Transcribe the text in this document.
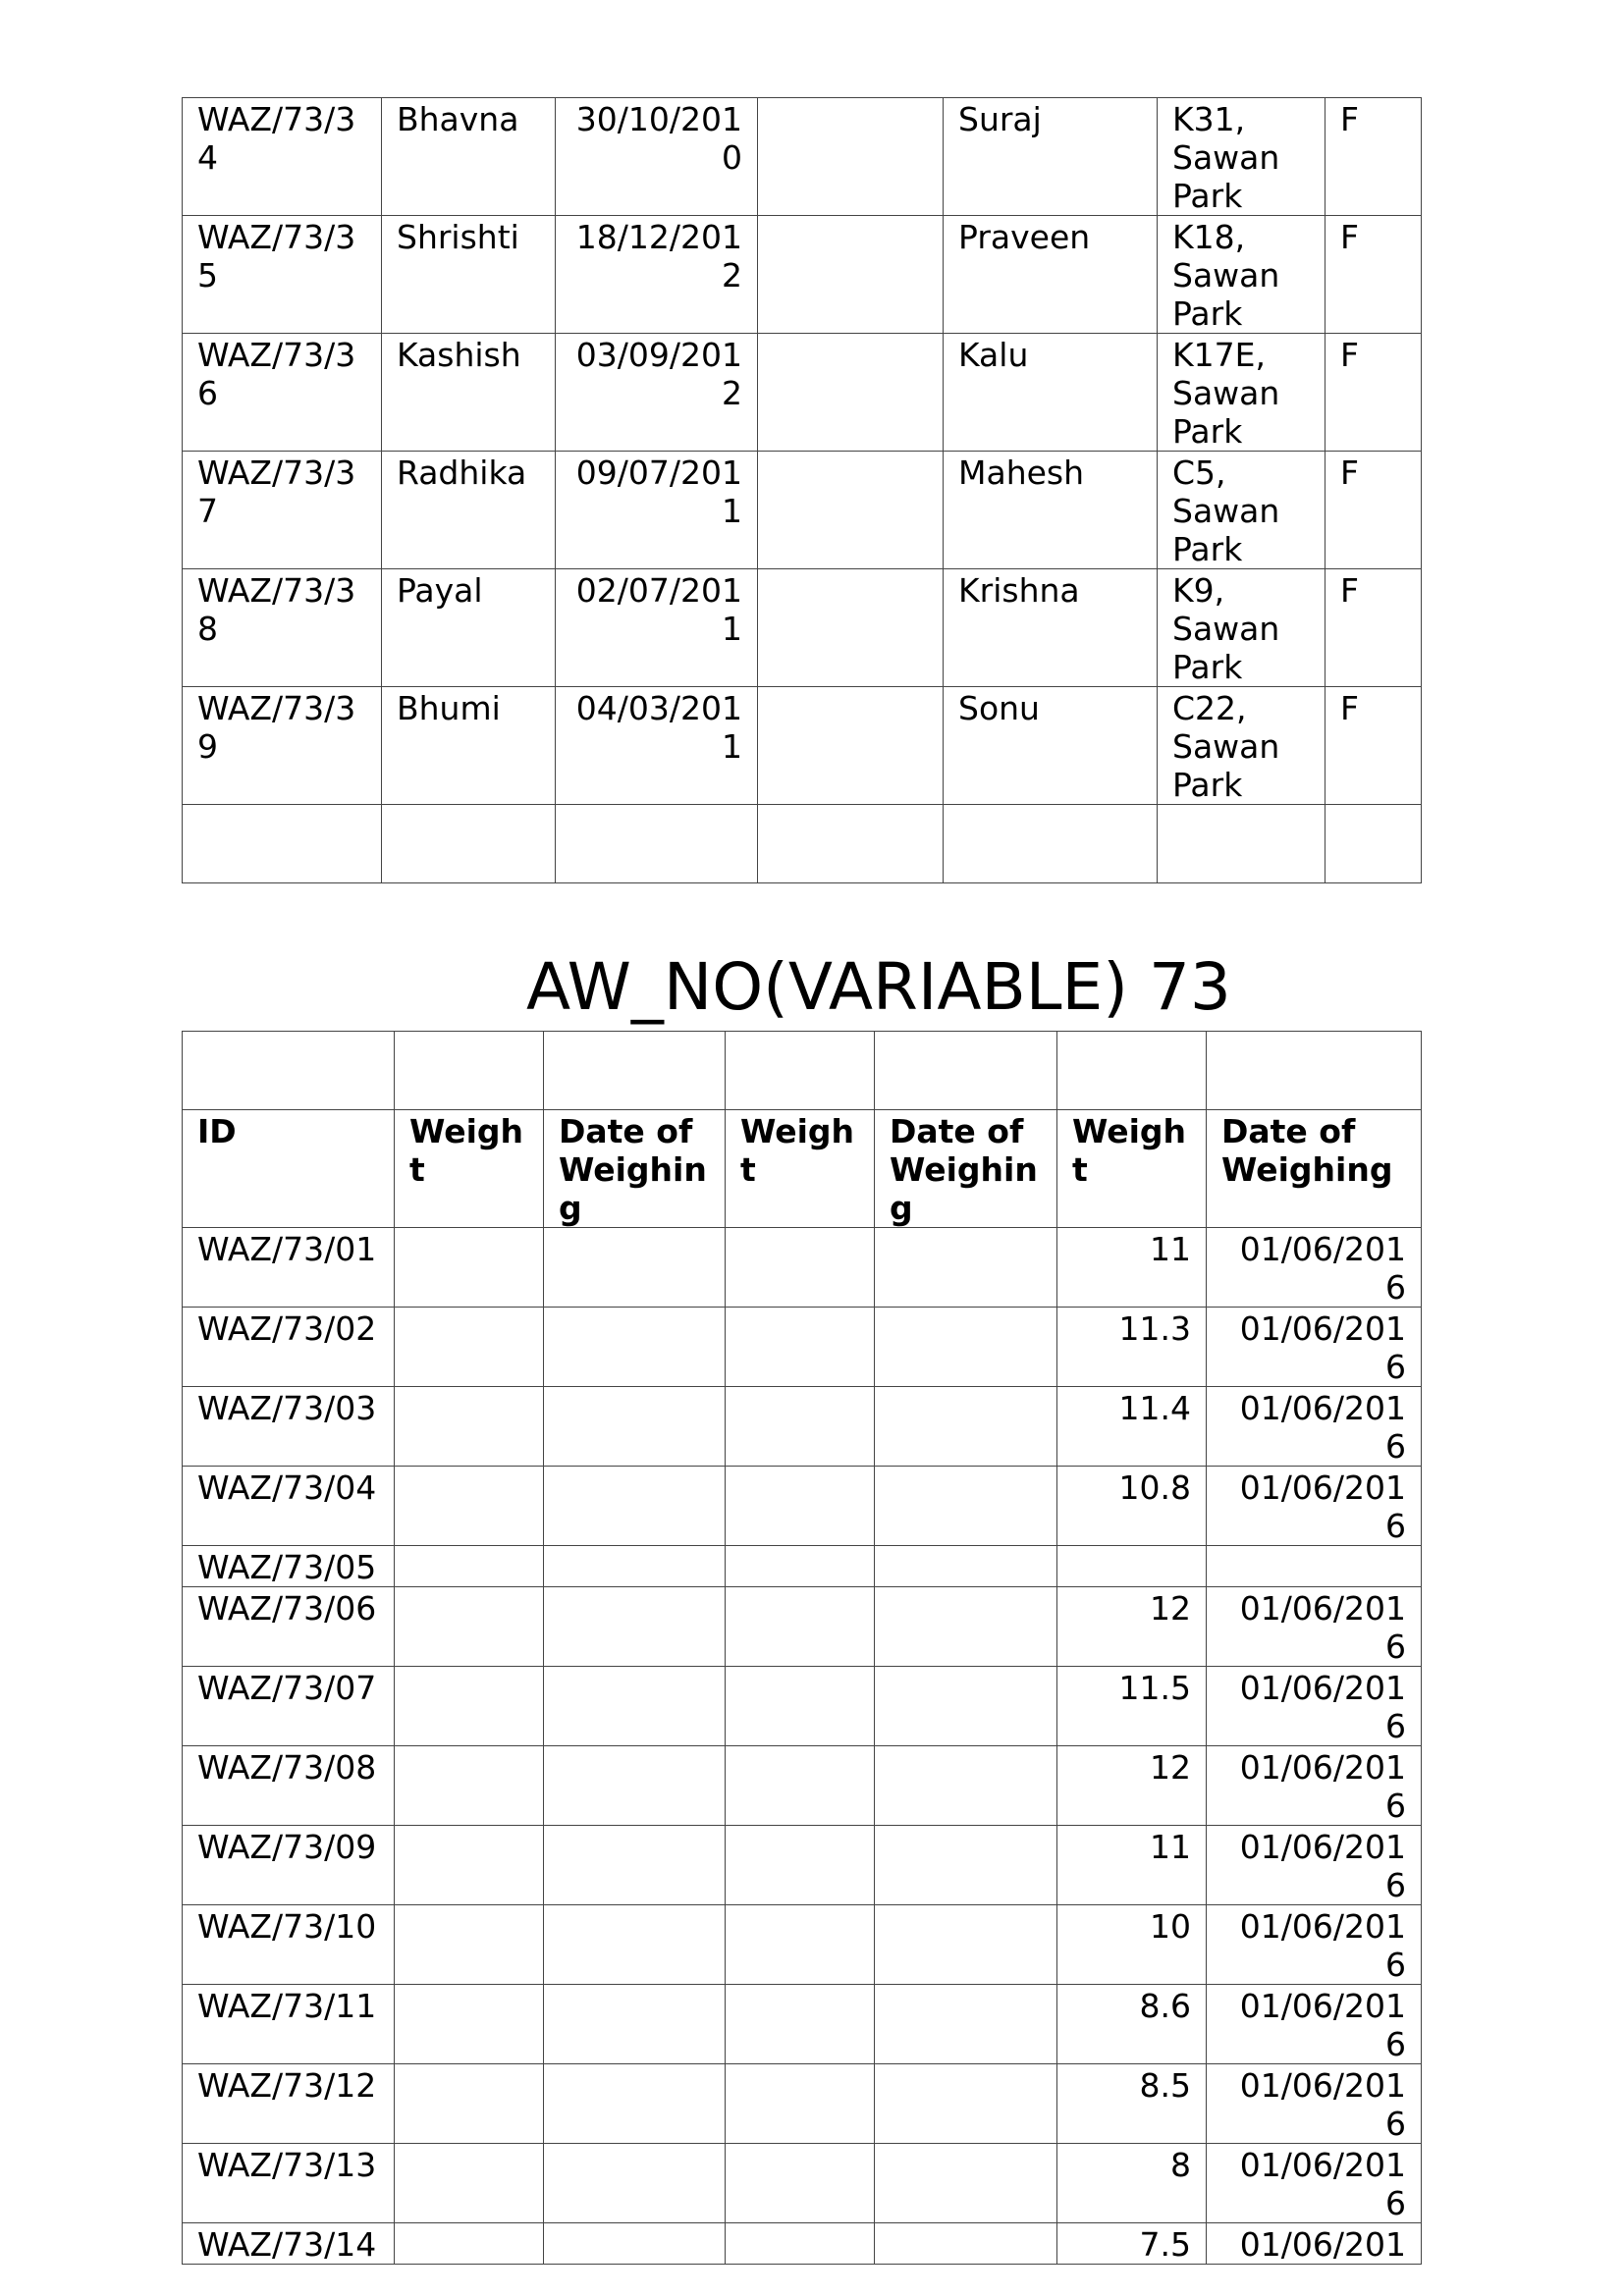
WAZ/73/34	Bhavna	30/10/2010		Suraj	K31, Sawan Park	F
WAZ/73/35	Shrishti	18/12/2012		Praveen	K18, Sawan Park	F
WAZ/73/36	Kashish	03/09/2012		Kalu	K17E, Sawan Park	F
WAZ/73/37	Radhika	09/07/2011		Mahesh	C5, Sawan Park	F
WAZ/73/38	Payal	02/07/2011		Krishna	K9, Sawan Park	F
WAZ/73/39	Bhumi	04/03/2011		Sonu	C22, Sawan Park	F

AW_NO(VARIABLE) 73

ID	Weight	Date of Weighing	Weight	Date of Weighing	Weight	Date of Weighing
WAZ/73/01					11	01/06/2016
WAZ/73/02					11.3	01/06/2016
WAZ/73/03					11.4	01/06/2016
WAZ/73/04					10.8	01/06/2016
WAZ/73/05						
WAZ/73/06					12	01/06/2016
WAZ/73/07					11.5	01/06/2016
WAZ/73/08					12	01/06/2016
WAZ/73/09					11	01/06/2016
WAZ/73/10					10	01/06/2016
WAZ/73/11					8.6	01/06/2016
WAZ/73/12					8.5	01/06/2016
WAZ/73/13					8	01/06/2016
WAZ/73/14					7.5	01/06/201
